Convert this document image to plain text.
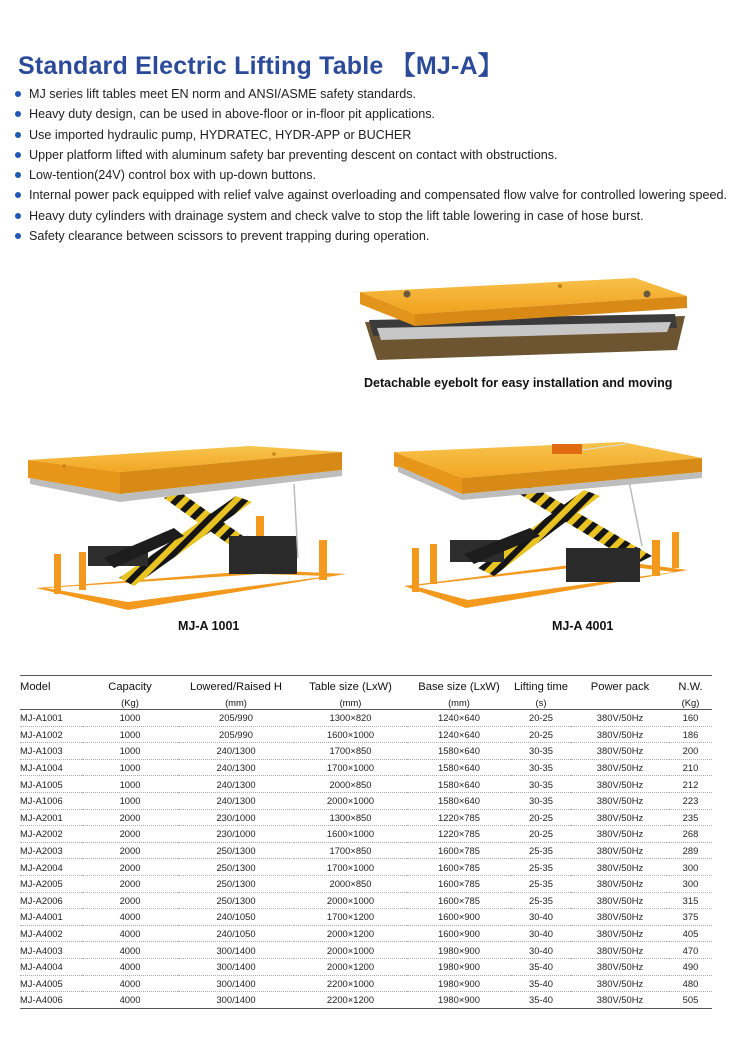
Standard Electric Lifting Table 【MJ-A】
MJ series lift tables meet EN norm and ANSI/ASME safety standards.
Heavy duty design, can be used in above-floor or in-floor pit applications.
Use imported hydraulic pump, HYDRATEC, HYDR-APP or BUCHER
Upper platform lifted with aluminum safety bar preventing descent on contact with obstructions.
Low-tention(24V) control box with up-down buttons.
Internal power pack equipped with relief valve against overloading and compensated flow valve for controlled lowering speed.
Heavy duty cylinders with drainage system and check valve to stop the lift table lowering in case of hose burst.
Safety clearance between scissors to prevent trapping during operation.
Detachable eyebolt for easy installation and moving
MJ-A 1001	MJ-A 4001
Model	Capacity	Lowered/Raised H	Table size (LxW)	Base size (LxW)	Lifting time	Power pack	N.W.
	(Kg)	(mm)	(mm)	(mm)	(s)		(Kg)
MJ-A1001	1000	205/990	1300×820	1240×640	20-25	380V/50Hz	160
MJ-A1002	1000	205/990	1600×1000	1240×640	20-25	380V/50Hz	186
MJ-A1003	1000	240/1300	1700×850	1580×640	30-35	380V/50Hz	200
MJ-A1004	1000	240/1300	1700×1000	1580×640	30-35	380V/50Hz	210
MJ-A1005	1000	240/1300	2000×850	1580×640	30-35	380V/50Hz	212
MJ-A1006	1000	240/1300	2000×1000	1580×640	30-35	380V/50Hz	223
MJ-A2001	2000	230/1000	1300×850	1220×785	20-25	380V/50Hz	235
MJ-A2002	2000	230/1000	1600×1000	1220×785	20-25	380V/50Hz	268
MJ-A2003	2000	250/1300	1700×850	1600×785	25-35	380V/50Hz	289
MJ-A2004	2000	250/1300	1700×1000	1600×785	25-35	380V/50Hz	300
MJ-A2005	2000	250/1300	2000×850	1600×785	25-35	380V/50Hz	300
MJ-A2006	2000	250/1300	2000×1000	1600×785	25-35	380V/50Hz	315
MJ-A4001	4000	240/1050	1700×1200	1600×900	30-40	380V/50Hz	375
MJ-A4002	4000	240/1050	2000×1200	1600×900	30-40	380V/50Hz	405
MJ-A4003	4000	300/1400	2000×1000	1980×900	30-40	380V/50Hz	470
MJ-A4004	4000	300/1400	2000×1200	1980×900	35-40	380V/50Hz	490
MJ-A4005	4000	300/1400	2200×1000	1980×900	35-40	380V/50Hz	480
MJ-A4006	4000	300/1400	2200×1200	1980×900	35-40	380V/50Hz	505
